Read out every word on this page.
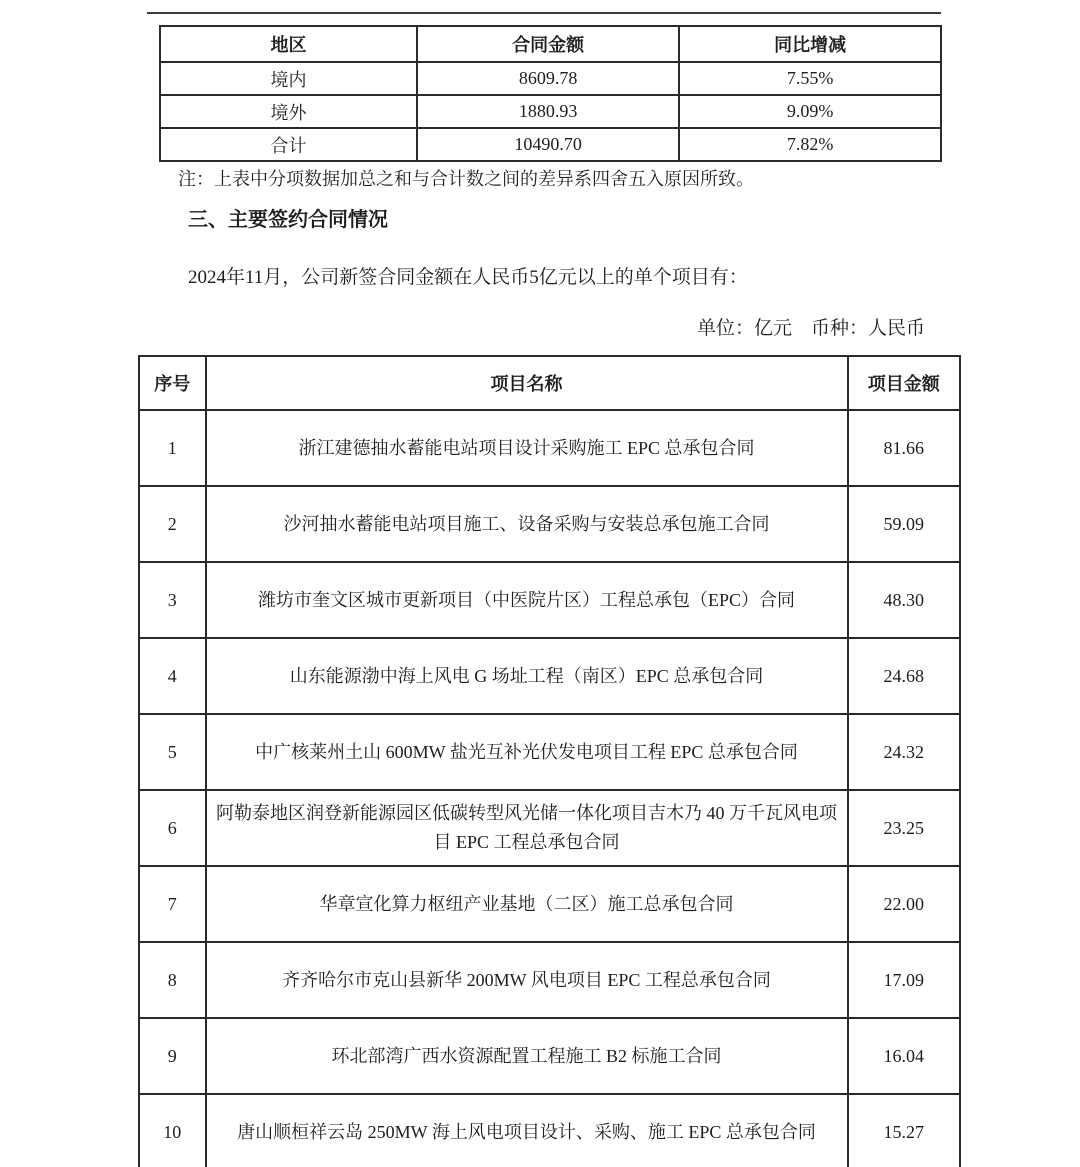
地区	合同金额	同比增减
境内	8609.78	7.55%
境外	1880.93	9.09%
合计	10490.70	7.82%
注：上表中分项数据加总之和与合计数之间的差异系四舍五入原因所致。
三、主要签约合同情况

2024年11月，公司新签合同金额在人民币5亿元以上的单个项目有：

单位：亿元　币种：人民币
序号	项目名称	项目金额
1	浙江建德抽水蓄能电站项目设计采购施工 EPC 总承包合同	81.66
2	沙河抽水蓄能电站项目施工、设备采购与安装总承包施工合同	59.09
3	潍坊市奎文区城市更新项目（中医院片区）工程总承包（EPC）合同	48.30
4	山东能源渤中海上风电 G 场址工程（南区）EPC 总承包合同	24.68
5	中广核莱州土山 600MW 盐光互补光伏发电项目工程 EPC 总承包合同	24.32
6	阿勒泰地区润登新能源园区低碳转型风光储一体化项目吉木乃 40 万千瓦风电项目 EPC 工程总承包合同	23.25
7	华章宣化算力枢纽产业基地（二区）施工总承包合同	22.00
8	齐齐哈尔市克山县新华 200MW 风电项目 EPC 工程总承包合同	17.09
9	环北部湾广西水资源配置工程施工 B2 标施工合同	16.04
10	唐山顺桓祥云岛 250MW 海上风电项目设计、采购、施工 EPC 总承包合同	15.27
